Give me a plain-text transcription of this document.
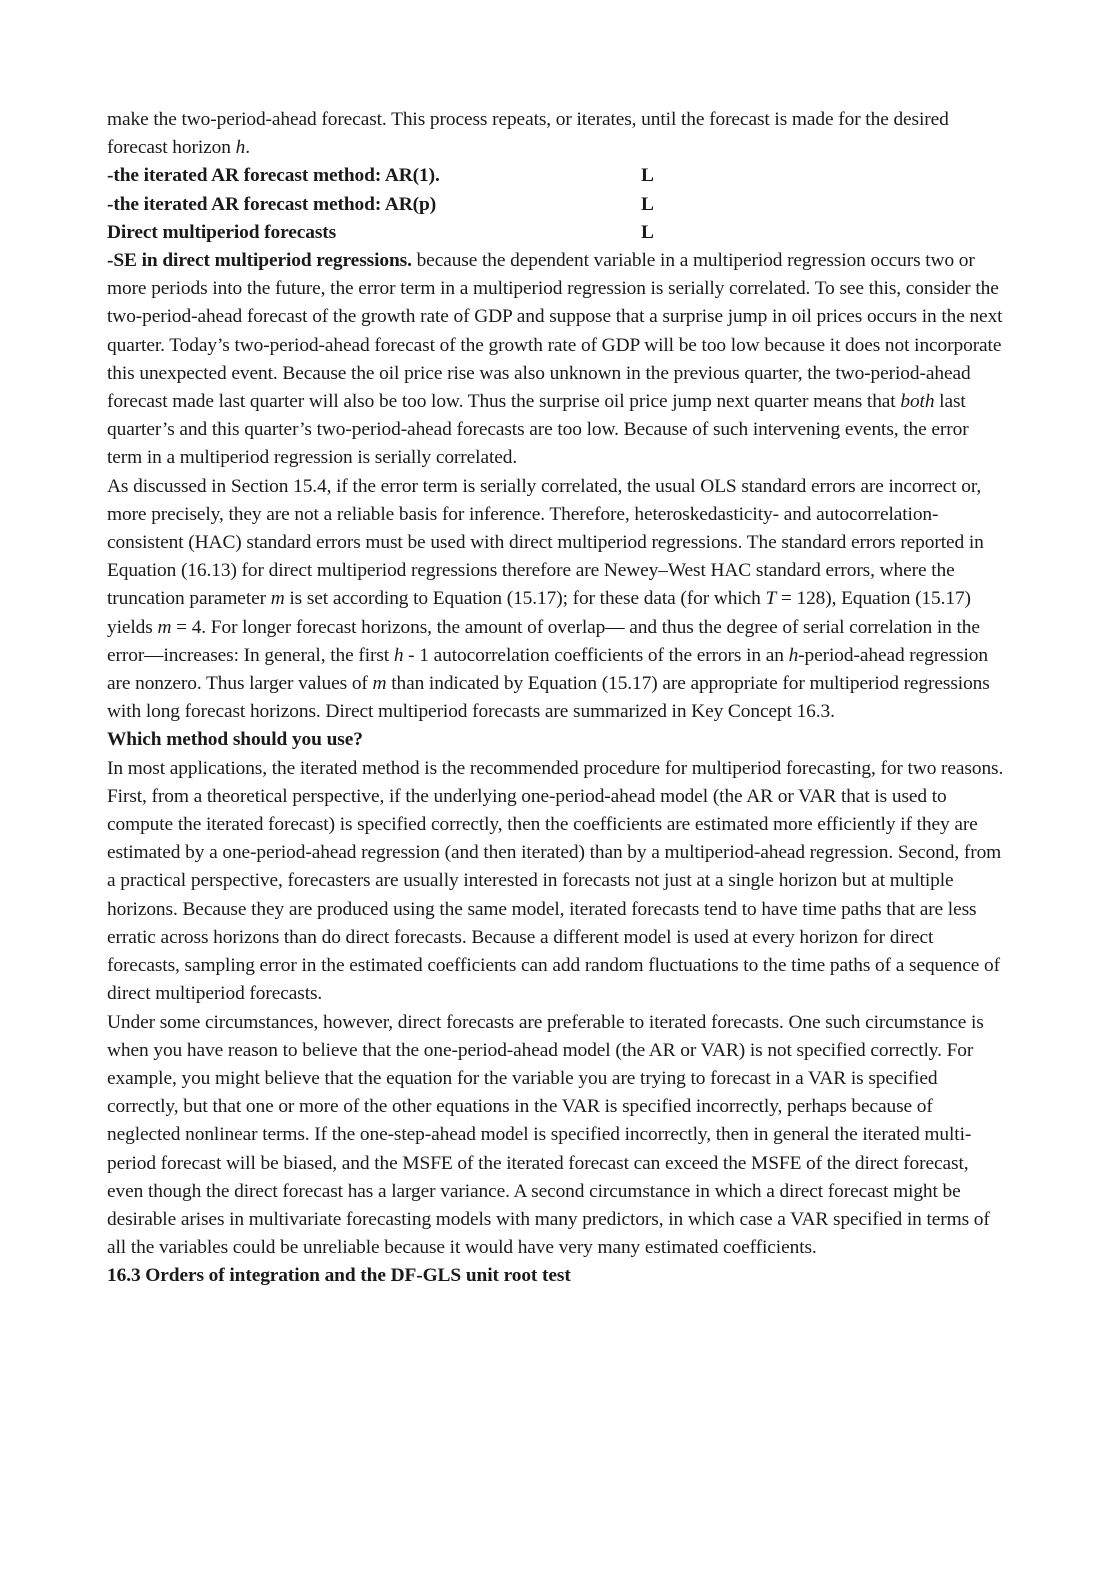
make the two-period-ahead forecast. This process repeats, or iterates, until the forecast is made for the desired forecast horizon h.

-the iterated AR forecast method: AR(1).	L
-the iterated AR forecast method: AR(p)	L
Direct multiperiod forecasts	L

-SE in direct multiperiod regressions. because the dependent variable in a multiperiod regression occurs two or more periods into the future, the error term in a multiperiod regression is serially correlated. To see this, consider the two-period-ahead forecast of the growth rate of GDP and suppose that a surprise jump in oil prices occurs in the next quarter. Today’s two-period-ahead forecast of the growth rate of GDP will be too low because it does not incorporate this unexpected event. Because the oil price rise was also unknown in the previous quarter, the two-period-ahead forecast made last quarter will also be too low. Thus the surprise oil price jump next quarter means that both last quarter’s and this quarter’s two-period-ahead forecasts are too low. Because of such intervening events, the error term in a multiperiod regression is serially correlated.

As discussed in Section 15.4, if the error term is serially correlated, the usual OLS standard errors are incorrect or, more precisely, they are not a reliable basis for inference. Therefore, heteroskedasticity- and autocorrelation-consistent (HAC) standard errors must be used with direct multiperiod regressions. The standard errors reported in Equation (16.13) for direct multiperiod regressions therefore are Newey–West HAC standard errors, where the truncation parameter m is set according to Equation (15.17); for these data (for which T = 128), Equation (15.17) yields m = 4. For longer forecast horizons, the amount of overlap— and thus the degree of serial correlation in the error—increases: In general, the first h - 1 autocorrelation coefficients of the errors in an h-period-ahead regression are nonzero. Thus larger values of m than indicated by Equation (15.17) are appropriate for multiperiod regressions with long forecast horizons. Direct multiperiod forecasts are summarized in Key Concept 16.3.

Which method should you use?

In most applications, the iterated method is the recommended procedure for multiperiod forecasting, for two reasons. First, from a theoretical perspective, if the underlying one-period-ahead model (the AR or VAR that is used to compute the iterated forecast) is specified correctly, then the coefficients are estimated more efficiently if they are estimated by a one-period-ahead regression (and then iterated) than by a multiperiod-ahead regression. Second, from a practical perspective, forecasters are usually interested in forecasts not just at a single horizon but at multiple horizons. Because they are produced using the same model, iterated forecasts tend to have time paths that are less erratic across horizons than do direct forecasts. Because a different model is used at every horizon for direct forecasts, sampling error in the estimated coefficients can add random fluctuations to the time paths of a sequence of direct multiperiod forecasts.

Under some circumstances, however, direct forecasts are preferable to iterated forecasts. One such circumstance is when you have reason to believe that the one-period-ahead model (the AR or VAR) is not specified correctly. For example, you might believe that the equation for the variable you are trying to forecast in a VAR is specified correctly, but that one or more of the other equations in the VAR is specified incorrectly, perhaps because of neglected nonlinear terms. If the one-step-ahead model is specified incorrectly, then in general the iterated multi- period forecast will be biased, and the MSFE of the iterated forecast can exceed the MSFE of the direct forecast, even though the direct forecast has a larger variance. A second circumstance in which a direct forecast might be desirable arises in multivariate forecasting models with many predictors, in which case a VAR specified in terms of all the variables could be unreliable because it would have very many estimated coefficients.

16.3 Orders of integration and the DF-GLS unit root test
